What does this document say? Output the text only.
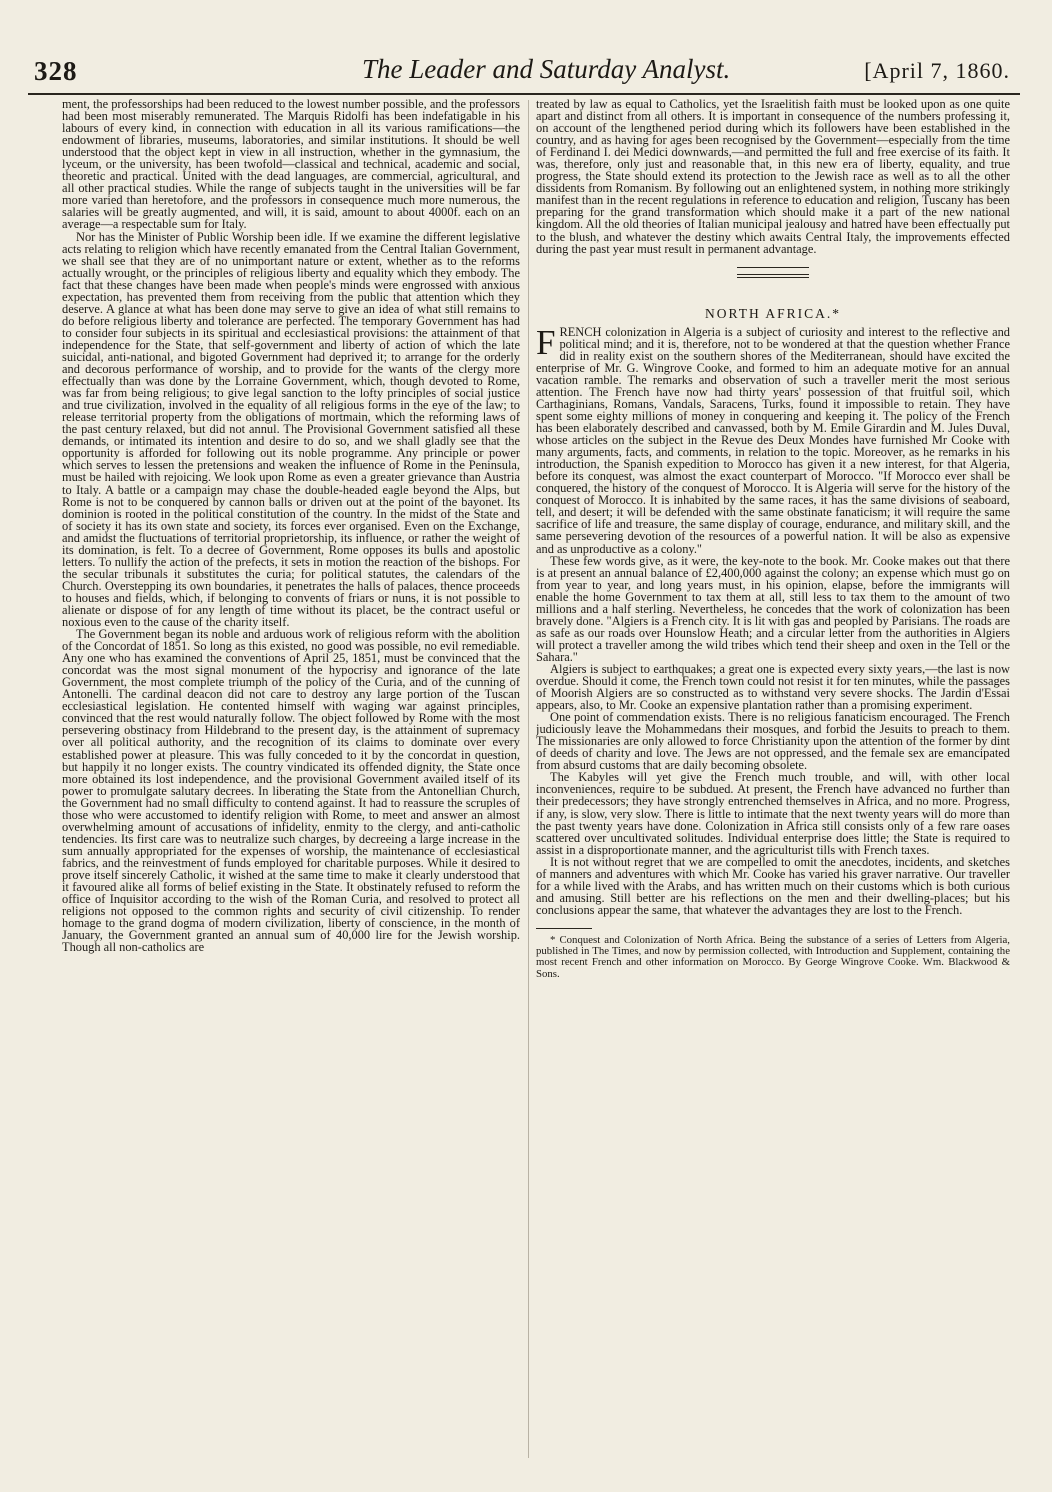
328	The Leader and Saturday Analyst.	[April 7, 1860.

ment, the professorships had been reduced to the lowest number possible, and the professors had been most miserably remunerated. The Marquis Ridolfi has been indefatigable in his labours of every kind, in connection with education in all its various ramifications—the endowment of libraries, museums, laboratories, and similar institutions. It should be well understood that the object kept in view in all instruction, whether in the gymnasium, the lyceum, or the university, has been twofold—classical and technical, academic and social, theoretic and practical. United with the dead languages, are commercial, agricultural, and all other practical studies. While the range of subjects taught in the universities will be far more varied than heretofore, and the professors in consequence much more numerous, the salaries will be greatly augmented, and will, it is said, amount to about 4000f. each on an average—a respectable sum for Italy.

Nor has the Minister of Public Worship been idle. If we examine the different legislative acts relating to religion which have recently emanated from the Central Italian Government, we shall see that they are of no unimportant nature or extent, whether as to the reforms actually wrought, or the principles of religious liberty and equality which they embody. The fact that these changes have been made when people's minds were engrossed with anxious expectation, has prevented them from receiving from the public that attention which they deserve. A glance at what has been done may serve to give an idea of what still remains to do before religious liberty and tolerance are perfected. The temporary Government has had to consider four subjects in its spiritual and ecclesiastical provisions: the attainment of that independence for the State, that self-government and liberty of action of which the late suicidal, anti-national, and bigoted Government had deprived it; to arrange for the orderly and decorous performance of worship, and to provide for the wants of the clergy more effectually than was done by the Lorraine Government, which, though devoted to Rome, was far from being religious; to give legal sanction to the lofty principles of social justice and true civilization, involved in the equality of all religious forms in the eye of the law; to release territorial property from the obligations of mortmain, which the reforming laws of the past century relaxed, but did not annul. The Provisional Government satisfied all these demands, or intimated its intention and desire to do so, and we shall gladly see that the opportunity is afforded for following out its noble programme. Any principle or power which serves to lessen the pretensions and weaken the influence of Rome in the Peninsula, must be hailed with rejoicing. We look upon Rome as even a greater grievance than Austria to Italy. A battle or a campaign may chase the double-headed eagle beyond the Alps, but Rome is not to be conquered by cannon balls or driven out at the point of the bayonet. Its dominion is rooted in the political constitution of the country. In the midst of the State and of society it has its own state and society, its forces ever organised. Even on the Exchange, and amidst the fluctuations of territorial proprietorship, its influence, or rather the weight of its domination, is felt. To a decree of Government, Rome opposes its bulls and apostolic letters. To nullify the action of the prefects, it sets in motion the reaction of the bishops. For the secular tribunals it substitutes the curia; for political statutes, the calendars of the Church. Overstepping its own boundaries, it penetrates the halls of palaces, thence proceeds to houses and fields, which, if belonging to convents of friars or nuns, it is not possible to alienate or dispose of for any length of time without its placet, be the contract useful or noxious even to the cause of the charity itself.

The Government began its noble and arduous work of religious reform with the abolition of the Concordat of 1851. So long as this existed, no good was possible, no evil remediable. Any one who has examined the conventions of April 25, 1851, must be convinced that the concordat was the most signal monument of the hypocrisy and ignorance of the late Government, the most complete triumph of the policy of the Curia, and of the cunning of Antonelli. The cardinal deacon did not care to destroy any large portion of the Tuscan ecclesiastical legislation. He contented himself with waging war against principles, convinced that the rest would naturally follow. The object followed by Rome with the most persevering obstinacy from Hildebrand to the present day, is the attainment of supremacy over all political authority, and the recognition of its claims to dominate over every established power at pleasure. This was fully conceded to it by the concordat in question, but happily it no longer exists. The country vindicated its offended dignity, the State once more obtained its lost independence, and the provisional Government availed itself of its power to promulgate salutary decrees. In liberating the State from the Antonellian Church, the Government had no small difficulty to contend against. It had to reassure the scruples of those who were accustomed to identify religion with Rome, to meet and answer an almost overwhelming amount of accusations of infidelity, enmity to the clergy, and anti-catholic tendencies. Its first care was to neutralize such charges, by decreeing a large increase in the sum annually appropriated for the expenses of worship, the maintenance of ecclesiastical fabrics, and the reinvestment of funds employed for charitable purposes. While it desired to prove itself sincerely Catholic, it wished at the same time to make it clearly understood that it favoured alike all forms of belief existing in the State. It obstinately refused to reform the office of Inquisitor according to the wish of the Roman Curia, and resolved to protect all religions not opposed to the common rights and security of civil citizenship. To render homage to the grand dogma of modern civilization, liberty of conscience, in the month of January, the Government granted an annual sum of 40,000 lire for the Jewish worship. Though all non-catholics are

treated by law as equal to Catholics, yet the Israelitish faith must be looked upon as one quite apart and distinct from all others. It is important in consequence of the numbers professing it, on account of the lengthened period during which its followers have been established in the country, and as having for ages been recognised by the Government—especially from the time of Ferdinand I. dei Medici downwards,—and permitted the full and free exercise of its faith. It was, therefore, only just and reasonable that, in this new era of liberty, equality, and true progress, the State should extend its protection to the Jewish race as well as to all the other dissidents from Romanism. By following out an enlightened system, in nothing more strikingly manifest than in the recent regulations in reference to education and religion, Tuscany has been preparing for the grand transformation which should make it a part of the new national kingdom. All the old theories of Italian municipal jealousy and hatred have been effectually put to the blush, and whatever the destiny which awaits Central Italy, the improvements effected during the past year must result in permanent advantage.

NORTH AFRICA.*

FRENCH colonization in Algeria is a subject of curiosity and interest to the reflective and political mind; and it is, therefore, not to be wondered at that the question whether France did in reality exist on the southern shores of the Mediterranean, should have excited the enterprise of Mr. G. Wingrove Cooke, and formed to him an adequate motive for an annual vacation ramble. The remarks and observation of such a traveller merit the most serious attention. The French have now had thirty years' possession of that fruitful soil, which Carthaginians, Romans, Vandals, Saracens, Turks, found it impossible to retain. They have spent some eighty millions of money in conquering and keeping it. The policy of the French has been elaborately described and canvassed, both by M. Emile Girardin and M. Jules Duval, whose articles on the subject in the Revue des Deux Mondes have furnished Mr Cooke with many arguments, facts, and comments, in relation to the topic. Moreover, as he remarks in his introduction, the Spanish expedition to Morocco has given it a new interest, for that Algeria, before its conquest, was almost the exact counterpart of Morocco. "If Morocco ever shall be conquered, the history of the conquest of Morocco. It is Algeria will serve for the history of the conquest of Morocco. It is inhabited by the same races, it has the same divisions of seaboard, tell, and desert; it will be defended with the same obstinate fanaticism; it will require the same sacrifice of life and treasure, the same display of courage, endurance, and military skill, and the same persevering devotion of the resources of a powerful nation. It will be also as expensive and as unproductive as a colony."

These few words give, as it were, the key-note to the book. Mr. Cooke makes out that there is at present an annual balance of £2,400,000 against the colony; an expense which must go on from year to year, and long years must, in his opinion, elapse, before the immigrants will enable the home Government to tax them at all, still less to tax them to the amount of two millions and a half sterling. Nevertheless, he concedes that the work of colonization has been bravely done. "Algiers is a French city. It is lit with gas and peopled by Parisians. The roads are as safe as our roads over Hounslow Heath; and a circular letter from the authorities in Algiers will protect a traveller among the wild tribes which tend their sheep and oxen in the Tell or the Sahara."

Algiers is subject to earthquakes; a great one is expected every sixty years,—the last is now overdue. Should it come, the French town could not resist it for ten minutes, while the passages of Moorish Algiers are so constructed as to withstand very severe shocks. The Jardin d'Essai appears, also, to Mr. Cooke an expensive plantation rather than a promising experiment.

One point of commendation exists. There is no religious fanaticism encouraged. The French judiciously leave the Mohammedans their mosques, and forbid the Jesuits to preach to them. The missionaries are only allowed to force Christianity upon the attention of the former by dint of deeds of charity and love. The Jews are not oppressed, and the female sex are emancipated from absurd customs that are daily becoming obsolete.

The Kabyles will yet give the French much trouble, and will, with other local inconveniences, require to be subdued. At present, the French have advanced no further than their predecessors; they have strongly entrenched themselves in Africa, and no more. Progress, if any, is slow, very slow. There is little to intimate that the next twenty years will do more than the past twenty years have done. Colonization in Africa still consists only of a few rare oases scattered over uncultivated solitudes. Individual enterprise does little; the State is required to assist in a disproportionate manner, and the agriculturist tills with French taxes.

It is not without regret that we are compelled to omit the anecdotes, incidents, and sketches of manners and adventures with which Mr. Cooke has varied his graver narrative. Our traveller for a while lived with the Arabs, and has written much on their customs which is both curious and amusing. Still better are his reflections on the men and their dwelling-places; but his conclusions appear the same, that whatever the advantages they are lost to the French.

* Conquest and Colonization of North Africa. Being the substance of a series of Letters from Algeria, published in The Times, and now by permission collected, with Introduction and Supplement, containing the most recent French and other information on Morocco. By George Wingrove Cooke. Wm. Blackwood & Sons.
